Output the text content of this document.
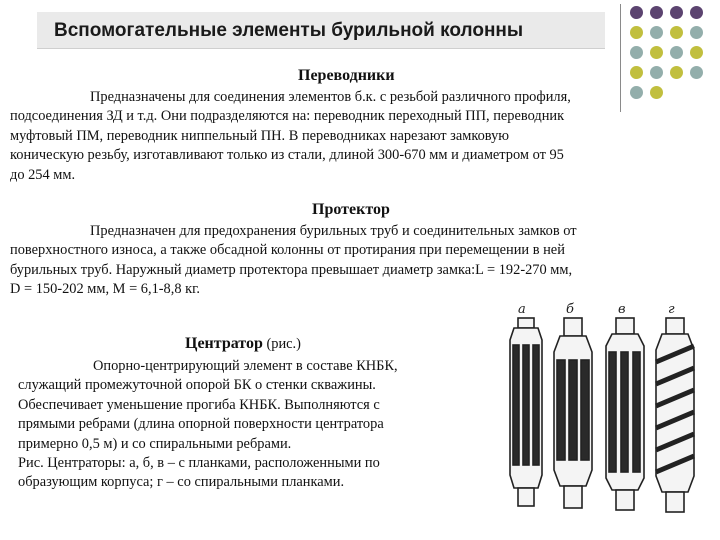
Вспомогательные элементы бурильной колонны
Переводники
Предназначены для соединения элементов б.к. с резьбой различного профиля,
подсоединения ЗД и т.д. Они подразделяются на: переводник переходный ПП, переводник
муфтовый ПМ, переводник ниппельный ПН. В переводниках нарезают замковую
коническую резьбу, изготавливают только из стали, длиной 300-670 мм и диаметром от 95
до 254 мм.
Протектор
Предназначен для предохранения бурильных труб и соединительных замков от
поверхностного износа, а также обсадной колонны от протирания при перемещении в ней
бурильных труб. Наружный диаметр протектора превышает диаметр замка:L = 192-270 мм,
D = 150-202 мм, М = 6,1-8,8 кг.
Центратор (рис.)
Опорно-центрирующий элемент в составе КНБК,
служащий промежуточной опорой БК о стенки скважины.
Обеспечивает уменьшение прогиба КНБК. Выполняются с
прямыми ребрами (длина опорной поверхности центратора
примерно 0,5 м) и со спиральными ребрами.
Рис. Центраторы: а, б, в – с планками, расположенными по
образующим корпуса; г – со спиральными планками.
а	б	в	г
